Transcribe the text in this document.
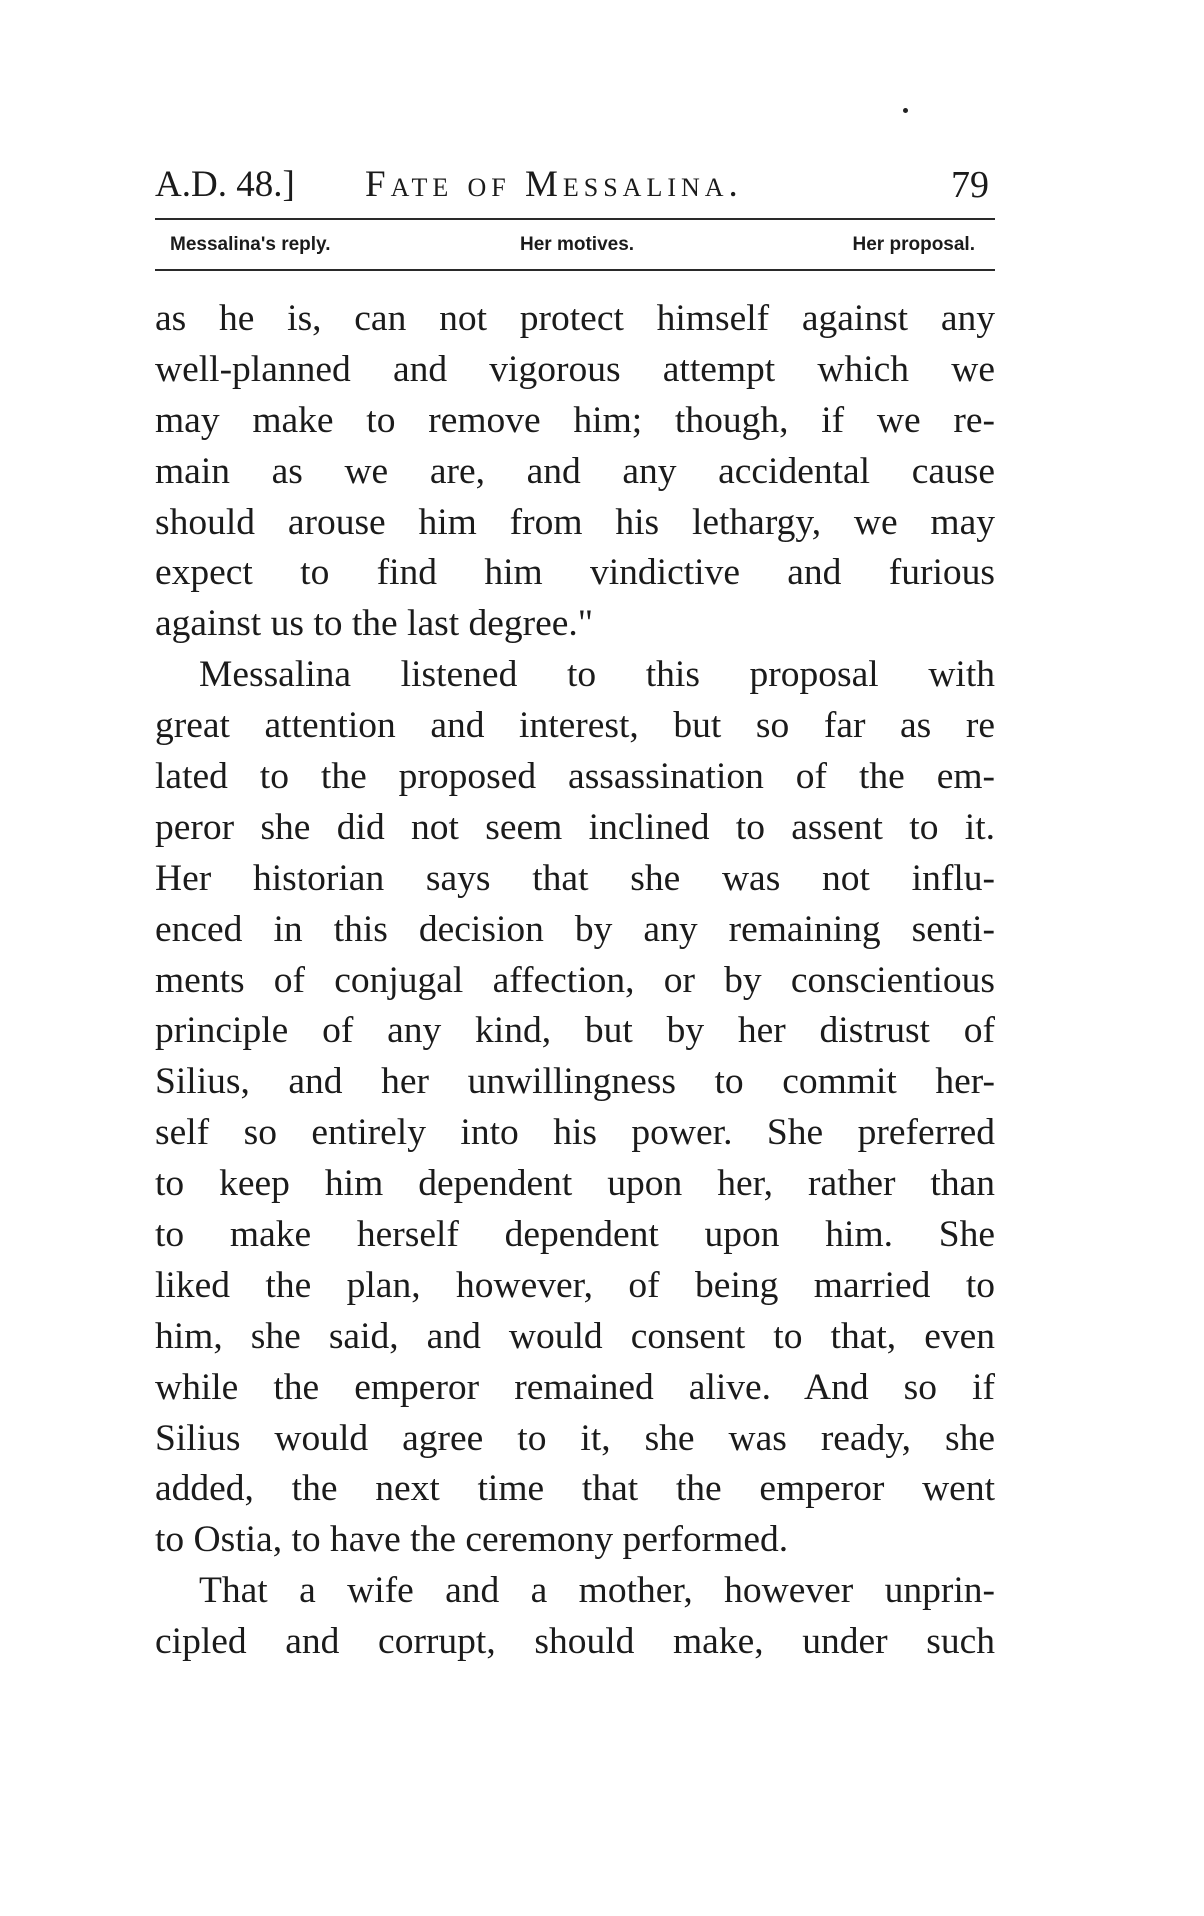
A.D. 48.] Fate of Messalina.	79
Messalina's reply.	Her motives.	Her proposal.
as he is, can not protect himself against any
well-planned and vigorous attempt which we
may make to remove him; though, if we re-
main as we are, and any accidental cause
should arouse him from his lethargy, we may
expect to find him vindictive and furious
against us to the last degree."
Messalina listened to this proposal with
great attention and interest, but so far as re
lated to the proposed assassination of the em-
peror she did not seem inclined to assent to it.
Her historian says that she was not influ-
enced in this decision by any remaining senti-
ments of conjugal affection, or by conscientious
principle of any kind, but by her distrust of
Silius, and her unwillingness to commit her-
self so entirely into his power. She preferred
to keep him dependent upon her, rather than
to make herself dependent upon him. She
liked the plan, however, of being married to
him, she said, and would consent to that, even
while the emperor remained alive. And so if
Silius would agree to it, she was ready, she
added, the next time that the emperor went
to Ostia, to have the ceremony performed.
That a wife and a mother, however unprin-
cipled and corrupt, should make, under such
